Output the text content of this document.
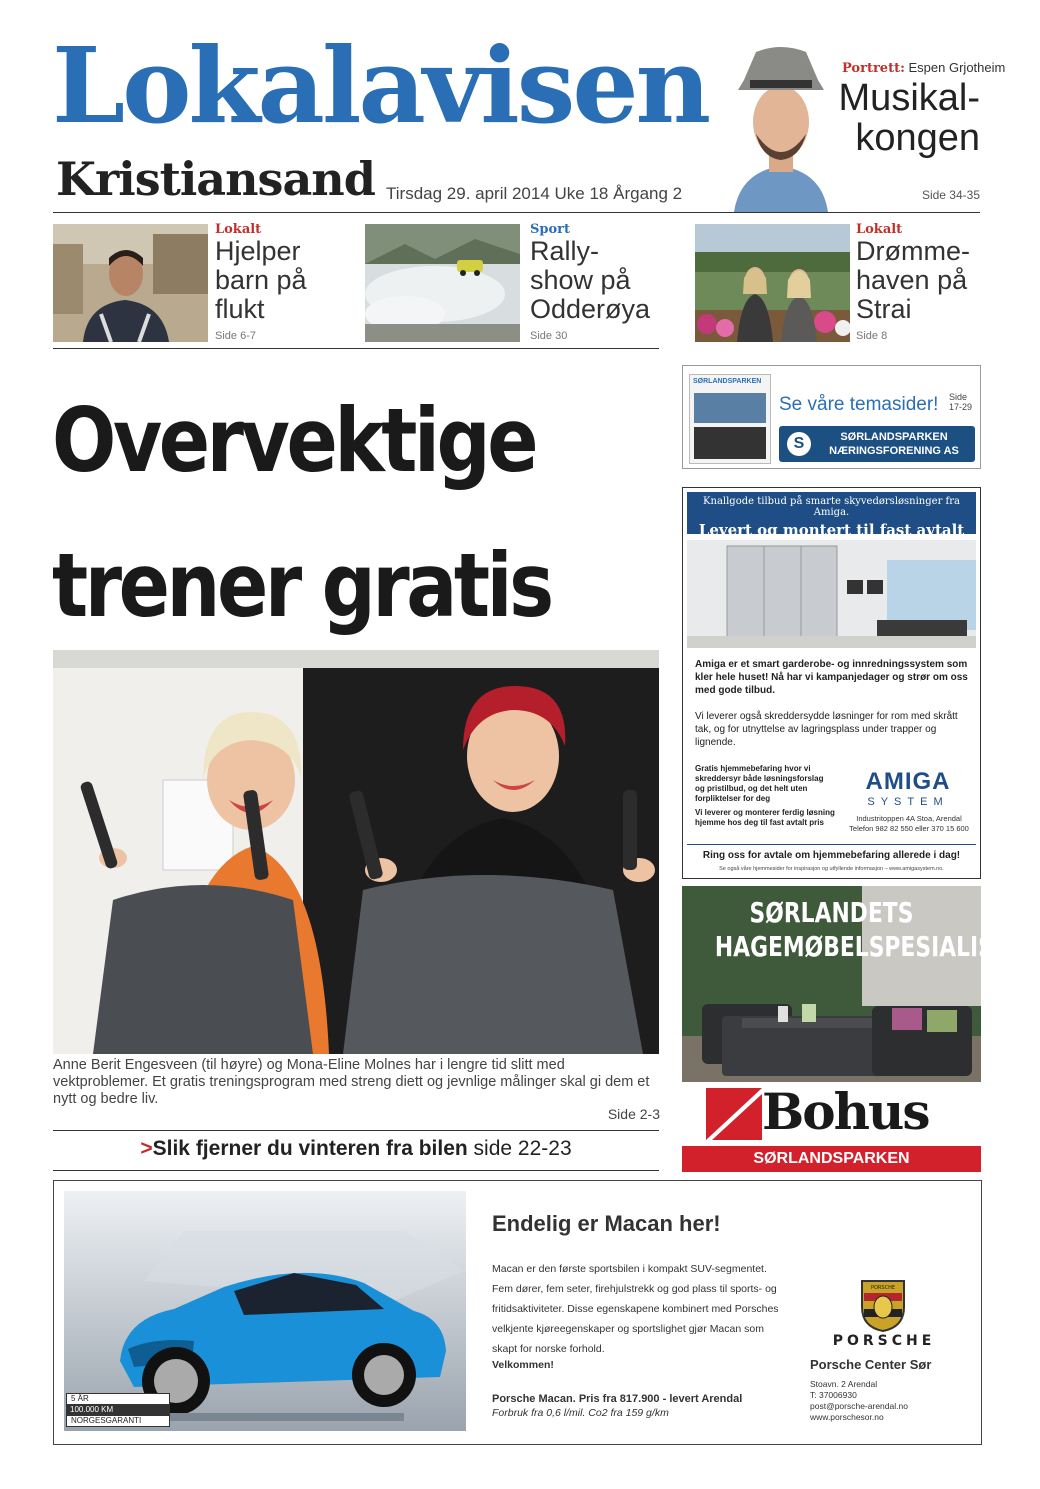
Lokalavisen
Kristiansand Tirsdag 29. april 2014 Uke 18 Årgang 2
Portrett: Espen Grjotheim
Musikal-
kongen
Side 34-35
Lokalt
Hjelper
barn på
flukt
Side 6-7
Sport
Rally-
show på
Odderøya
Side 30
Lokalt
Drømme-
haven på
Strai
Side 8
Overvektige
trener gratis
Anne Berit Engesveen (til høyre) og Mona-Eline Molnes har i lengre tid slitt med vektproblemer. Et gratis treningsprogram med streng diett og jevnlige målinger skal gi dem et nytt og bedre liv.
Side 2-3
>Slik fjerner du vinteren fra bilen side 22-23
SØRLANDSPARKEN
Se våre temasider! Side 17-29
S	SØRLANDSPARKEN
NÆRINGSFORENING AS
Knallgode tilbud på smarte skyvedørsløsninger fra Amiga.
Levert og montert til fast avtalt
Amiga er et smart garderobe- og innredningssystem som kler hele huset! Nå har vi kampanjedager og strør om oss med gode tilbud.
Vi leverer også skreddersydde løsninger for rom med skrått tak, og for utnyttelse av lagringsplass under trapper og lignende.
Gratis hjemmebefaring hvor vi skreddersyr både løsningsforslag og pristilbud, og det helt uten forpliktelser for deg
Vi leverer og monterer ferdig løsning hjemme hos deg til fast avtalt pris
AMIGA
SYSTEM
Industritoppen 4A Stoa, Arendal
Telefon 982 82 550 eller 370 15 600
Ring oss for avtale om hjemmebefaring allerede i dag!
Se også våre hjemmesider for inspirasjon og utfyllende informasjon – www.amigasystem.no.
SØRLANDETS
HAGEMØBELSPESIALIST
Bohus
SØRLANDSPARKEN
5 ÅR
100.000 KM
NORGESGARANTI
Endelig er Macan her!
Macan er den første sportsbilen i kompakt SUV-segmentet. Fem dører, fem seter, firehjulstrekk og god plass til sports- og fritidsaktiviteter. Disse egenskapene kombinert med Porsches velkjente kjøreegenskaper og sportslighet gjør Macan som skapt for norske forhold.
Velkommen!
Porsche Macan. Pris fra 817.900 - levert Arendal
Forbruk fra 0,6 l/mil. Co2 fra 159 g/km
PORSCHE
PORSCHE
Porsche Center Sør
Stoavn. 2 Arendal
T: 37006930
post@porsche-arendal.no
www.porschesor.no
